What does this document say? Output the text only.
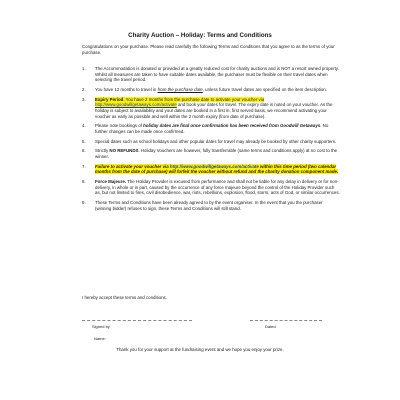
Charity Auction – Holiday: Terms and Conditions

Congratulations on your purchase. Please read carefully the following Terms and Conditions that you agree to as the terms of your purchase.

1. The Accommodation is donated or provided at a greatly reduced cost for charity auctions and is NOT a resort owned property. Whilst all measures are taken to have suitable dates available, the purchaser must be flexible on their travel dates when selecting the travel period.
2. You have 12 months to travel in from the purchase date, unless future travel dates are specified on the item description.
3. Expiry Period. You have 2 months from the purchase date to activate your voucher via http://www.goodwillgetaways.com/activate and book your dates for travel. The expiry date is noted on your voucher. As the holiday is subject to availability and your dates are booked in a first in, first served basis, we recommend activating your voucher as early as possible and well within the 2 month expiry (from date of purchase).
4. Please note bookings of holiday dates are final once confirmation has been received from Goodwill Getaways. No further changes can be made once confirmed.
5. Special dates such as school holidays and other popular dates for travel may already be booked by other charity supporters.
6. Strictly NO REFUNDS. Holiday Vouchers are however, fully transferrable (same terms and conditions apply) at no cost to the winner.
7. Failure to activate your voucher via http://www.goodwillgetaways.com/activate within this time period (two calendar months from the date of purchase) will forfeit the voucher without refund and the charity donation component made.
8. Force Majeure. The Holiday Provider is excused from performance and shall not be liable for any delay in delivery or for non-delivery, in whole or in part, caused by the occurrence of any force majeure beyond the control of the Holiday Provider such as, but not limited to fires, civil disobedience, war, riots, rebellions, explosion, flood, storm, acts of God, or similar occurrences.
9. These Terms and Conditions have been already agreed to by the event organiser. In the event that you the purchaser (winning bidder) refuses to sign, these Terms and Conditions will still stand.
I hereby accept these terms and conditions.
Signed by	Dated
Name:
Thank you for your support at the fundraising event and we hope you enjoy your prize.
